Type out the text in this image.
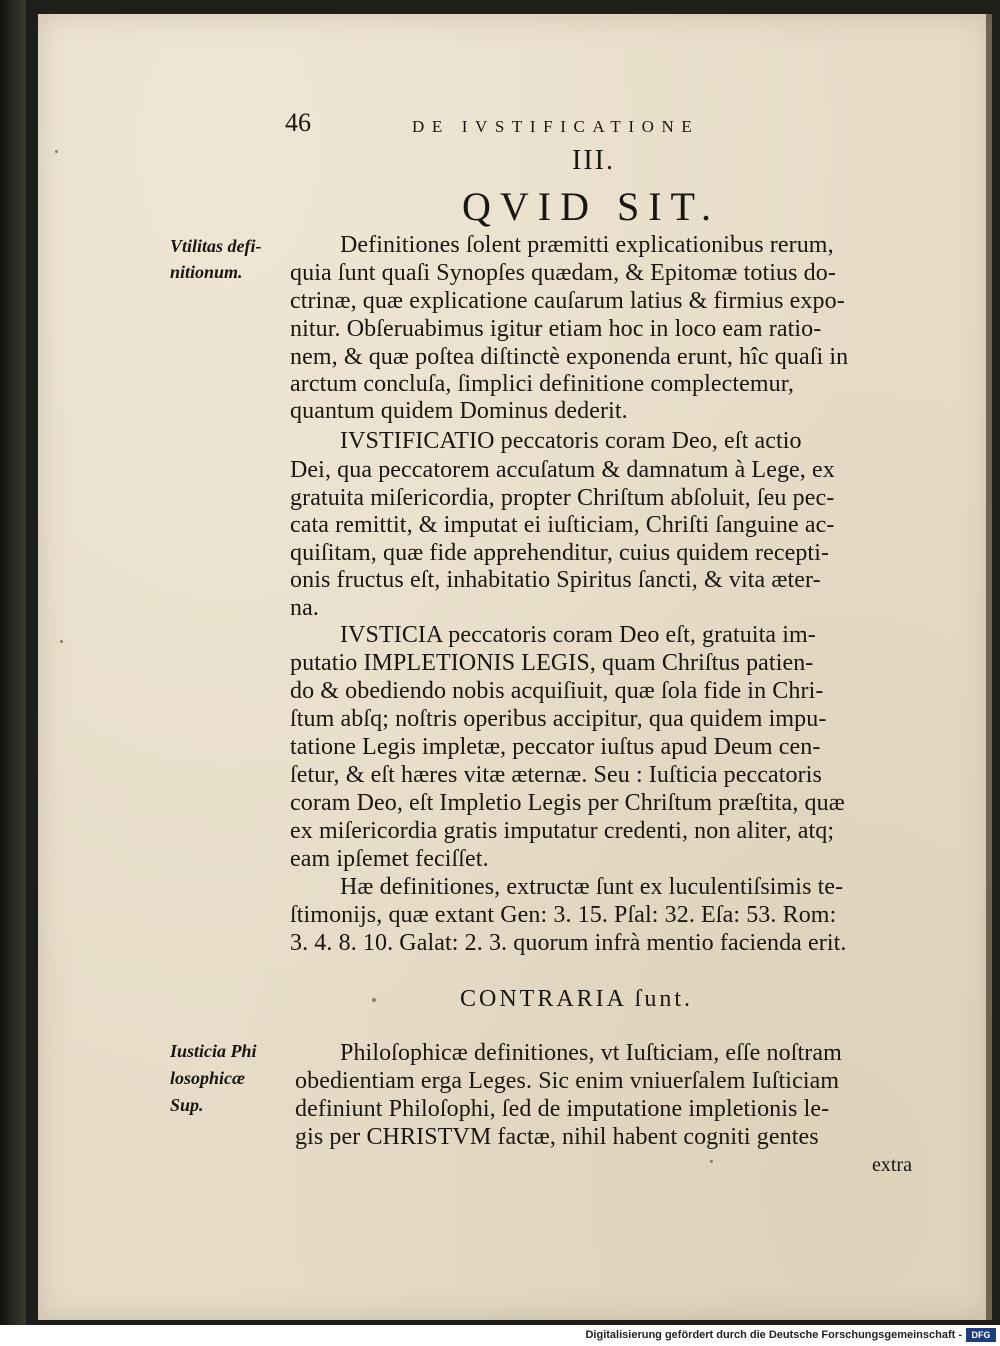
46	DE IVSTIFICATIONE
III.
QVID SIT.
Vtilitas defi-
nitionum.
Iusticia Phi
losophicæ
Sup.
Definitiones ſolent præmitti explicationibus rerum,
quia ſunt quaſi Synopſes quædam, & Epitomæ totius do-
ctrinæ, quæ explicatione cauſarum latius & firmius expo-
nitur. Obſeruabimus igitur etiam hoc in loco eam ratio-
nem, & quæ poſtea diſtinctè exponenda erunt, hîc quaſi in
arctum concluſa, ſimplici definitione complectemur,
quantum quidem Dominus dederit.
IVSTIFICATIO peccatoris coram Deo, eſt actio
Dei, qua peccatorem accuſatum & damnatum à Lege, ex
gratuita miſericordia, propter Chriſtum abſoluit, ſeu pec-
cata remittit, & imputat ei iuſticiam, Chriſti ſanguine ac-
quiſitam, quæ fide apprehenditur, cuius quidem recepti-
onis fructus eſt, inhabitatio Spiritus ſancti, & vita æter-
na.
IVSTICIA peccatoris coram Deo eſt, gratuita im-
putatio IMPLETIONIS LEGIS, quam Chriſtus patien-
do & obediendo nobis acquiſiuit, quæ ſola fide in Chri-
ſtum abſq; noſtris operibus accipitur, qua quidem impu-
tatione Legis impletæ, peccator iuſtus apud Deum cen-
ſetur, & eſt hæres vitæ æternæ. Seu : Iuſticia peccatoris
coram Deo, eſt Impletio Legis per Chriſtum præſtita, quæ
ex miſericordia gratis imputatur credenti, non aliter, atq;
eam ipſemet feciſſet.
Hæ definitiones, extructæ ſunt ex luculentiſsimis te-
ſtimonijs, quæ extant Gen: 3. 15. Pſal: 32. Eſa: 53. Rom:
3. 4. 8. 10. Galat: 2. 3. quorum infrà mentio facienda erit.
CONTRARIA ſunt.
Philoſophicæ definitiones, vt Iuſticiam, eſſe noſtram
obedientiam erga Leges. Sic enim vniuerſalem Iuſticiam
definiunt Philoſophi, ſed de imputatione impletionis le-
gis per CHRISTVM factæ, nihil habent cogniti gentes
extra
Digitalisierung gefördert durch die Deutsche Forschungsgemeinschaft -	DFG
